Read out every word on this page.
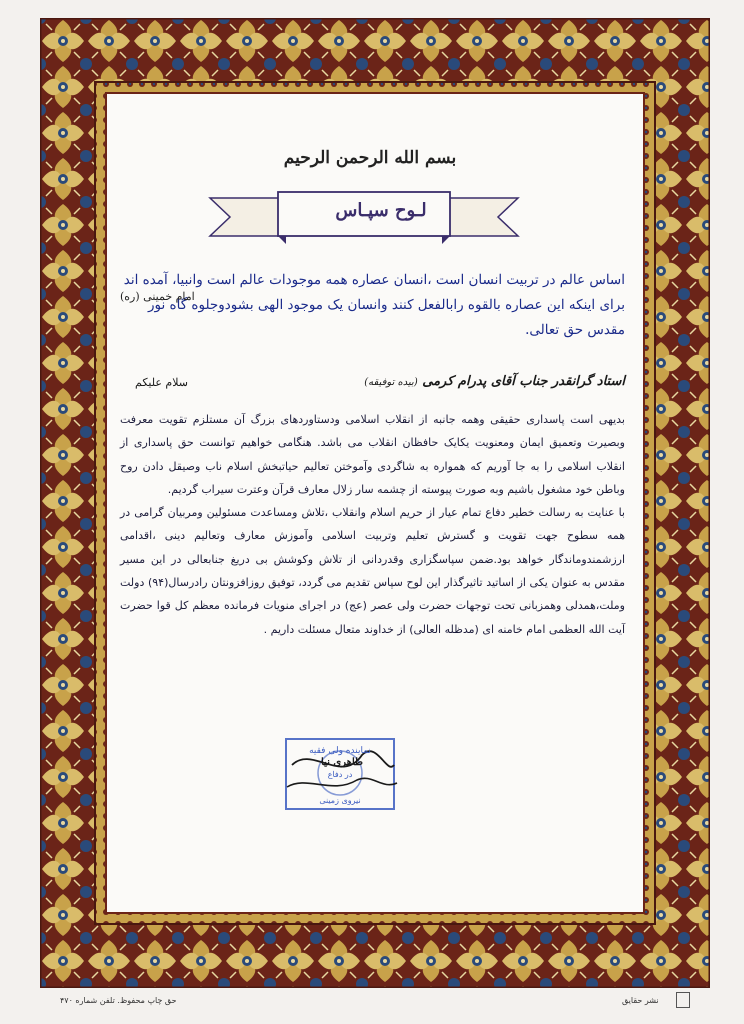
بسم الله الرحمن الرحیم
لـوح سپـاس
اساس عالم در تربیت انسان است ،انسان عصاره همه موجودات عالم است وانبیا، آمده اند برای اینکه این عصاره بالقوه رابالفعل کنند وانسان یک موجود الهی بشودوجلوه گاه نور مقدس حق تعالی.
امام خمینی (ره)
استاد گرانقدر جناب آقای پدرام کرمی (بیده توفیقه)
سلام علیکم

بدیهی است پاسداری حقیقی وهمه جانبه از انقلاب اسلامی ودستاوردهای بزرگ آن مستلزم تقویت معرفت وبصیرت وتعمیق ایمان ومعنویت یکایک حافظان انقلاب می باشد. هنگامی خواهیم توانست حق پاسداری از انقلاب اسلامی را به جا آوریم که همواره به شاگردی وآموختن تعالیم حیاتبخش اسلام ناب وصیقل دادن روح وباطن خود مشغول باشیم وبه صورت پیوسته از چشمه سار زلال معارف قرآن وعترت سیراب گردیم.

با عنایت به رسالت خطیر دفاع تمام عیار از حریم اسلام وانقلاب ،تلاش ومساعدت مسئولین ومربیان گرامی در همه سطوح جهت تقویت و گسترش تعلیم وتربیت اسلامی وآموزش معارف وتعالیم دینی ،اقدامی ارزشمندوماندگار خواهد بود.ضمن سپاسگزاری وقدردانی از تلاش وکوشش بی دریغ جنابعالی در این مسیر مقدس به عنوان یکی از اساتید تاثیرگذار این لوح سپاس تقدیم می گردد، توفیق روزافزونتان رادرسال(۹۴) دولت وملت،همدلی وهمزبانی تحت توجهات حضرت ولی عصر (عج) در اجرای منویات فرمانده معظم کل قوا حضرت آیت الله العظمی امام خامنه ای (مدظله العالی) از خداوند متعال مسئلت داریم .

نماینده ولی فقیه
در دفاع
نیروی زمینی
طاهری نیا
حق چاپ محفوظ. تلفن شماره ۴۷۰	نشر حقایق
